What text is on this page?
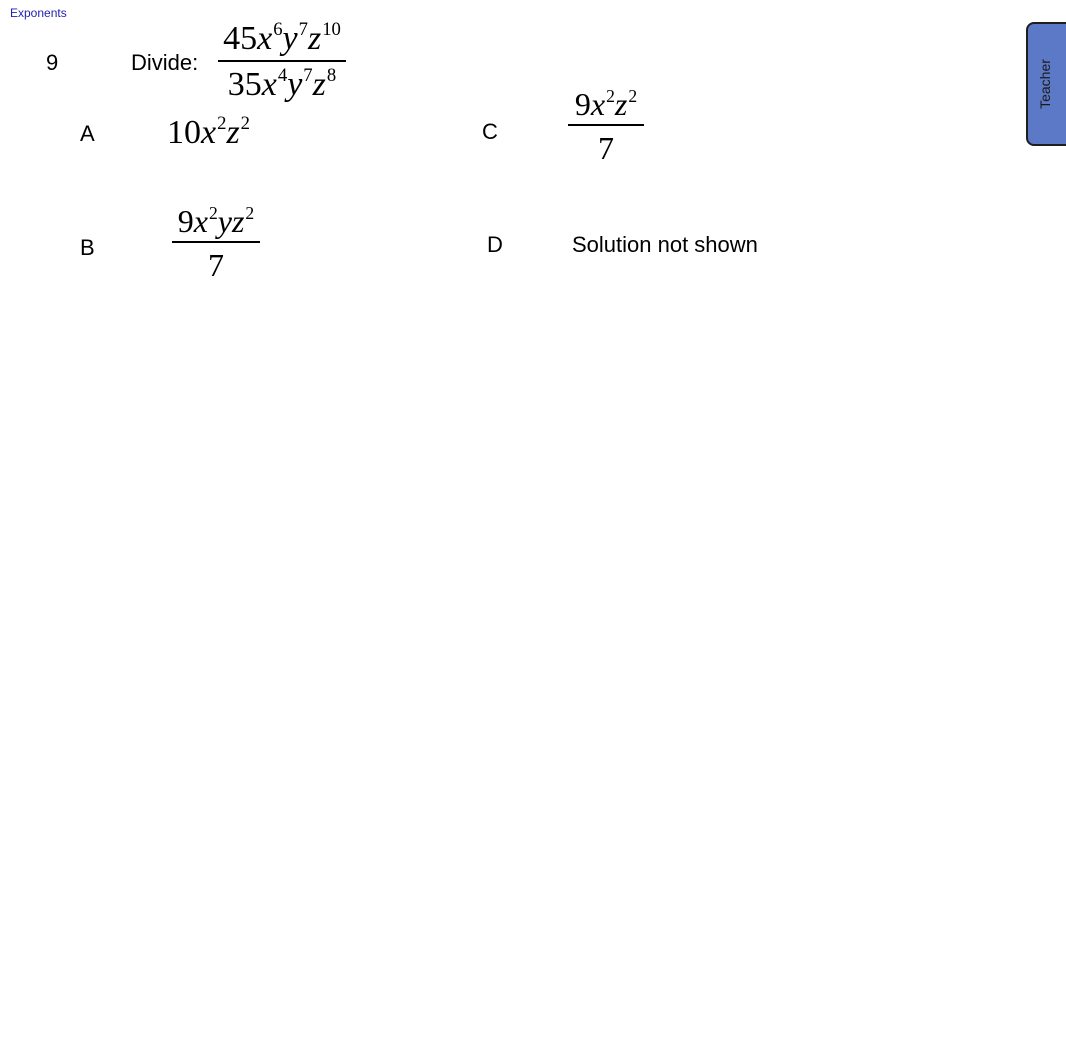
Exponents
9	Divide: $\frac{45x^6y^7z^{10}}{35x^4y^7z^8}$
A $10x^2z^2$	C $\frac{9x^2z^2}{7}$
B $\frac{9x^2yz^2}{7}$	D	Solution not shown
Teacher
